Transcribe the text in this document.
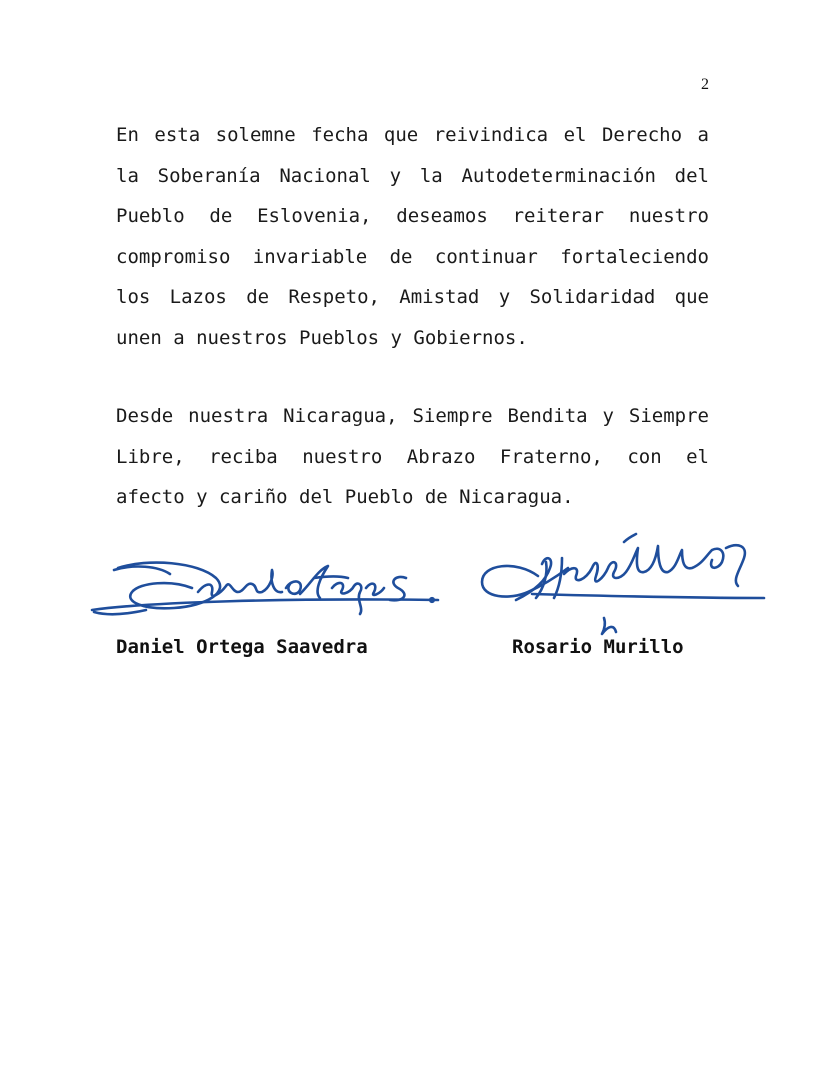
2
En esta solemne fecha que reivindica el Derecho a
la Soberanía Nacional y la Autodeterminación del
Pueblo de Eslovenia, deseamos reiterar nuestro
compromiso invariable de continuar fortaleciendo
los Lazos de Respeto, Amistad y Solidaridad que
unen a nuestros Pueblos y Gobiernos.
Desde nuestra Nicaragua, Siempre Bendita y Siempre
Libre, reciba nuestro Abrazo Fraterno, con el
afecto y cariño del Pueblo de Nicaragua.
Daniel Ortega Saavedra	Rosario Murillo
